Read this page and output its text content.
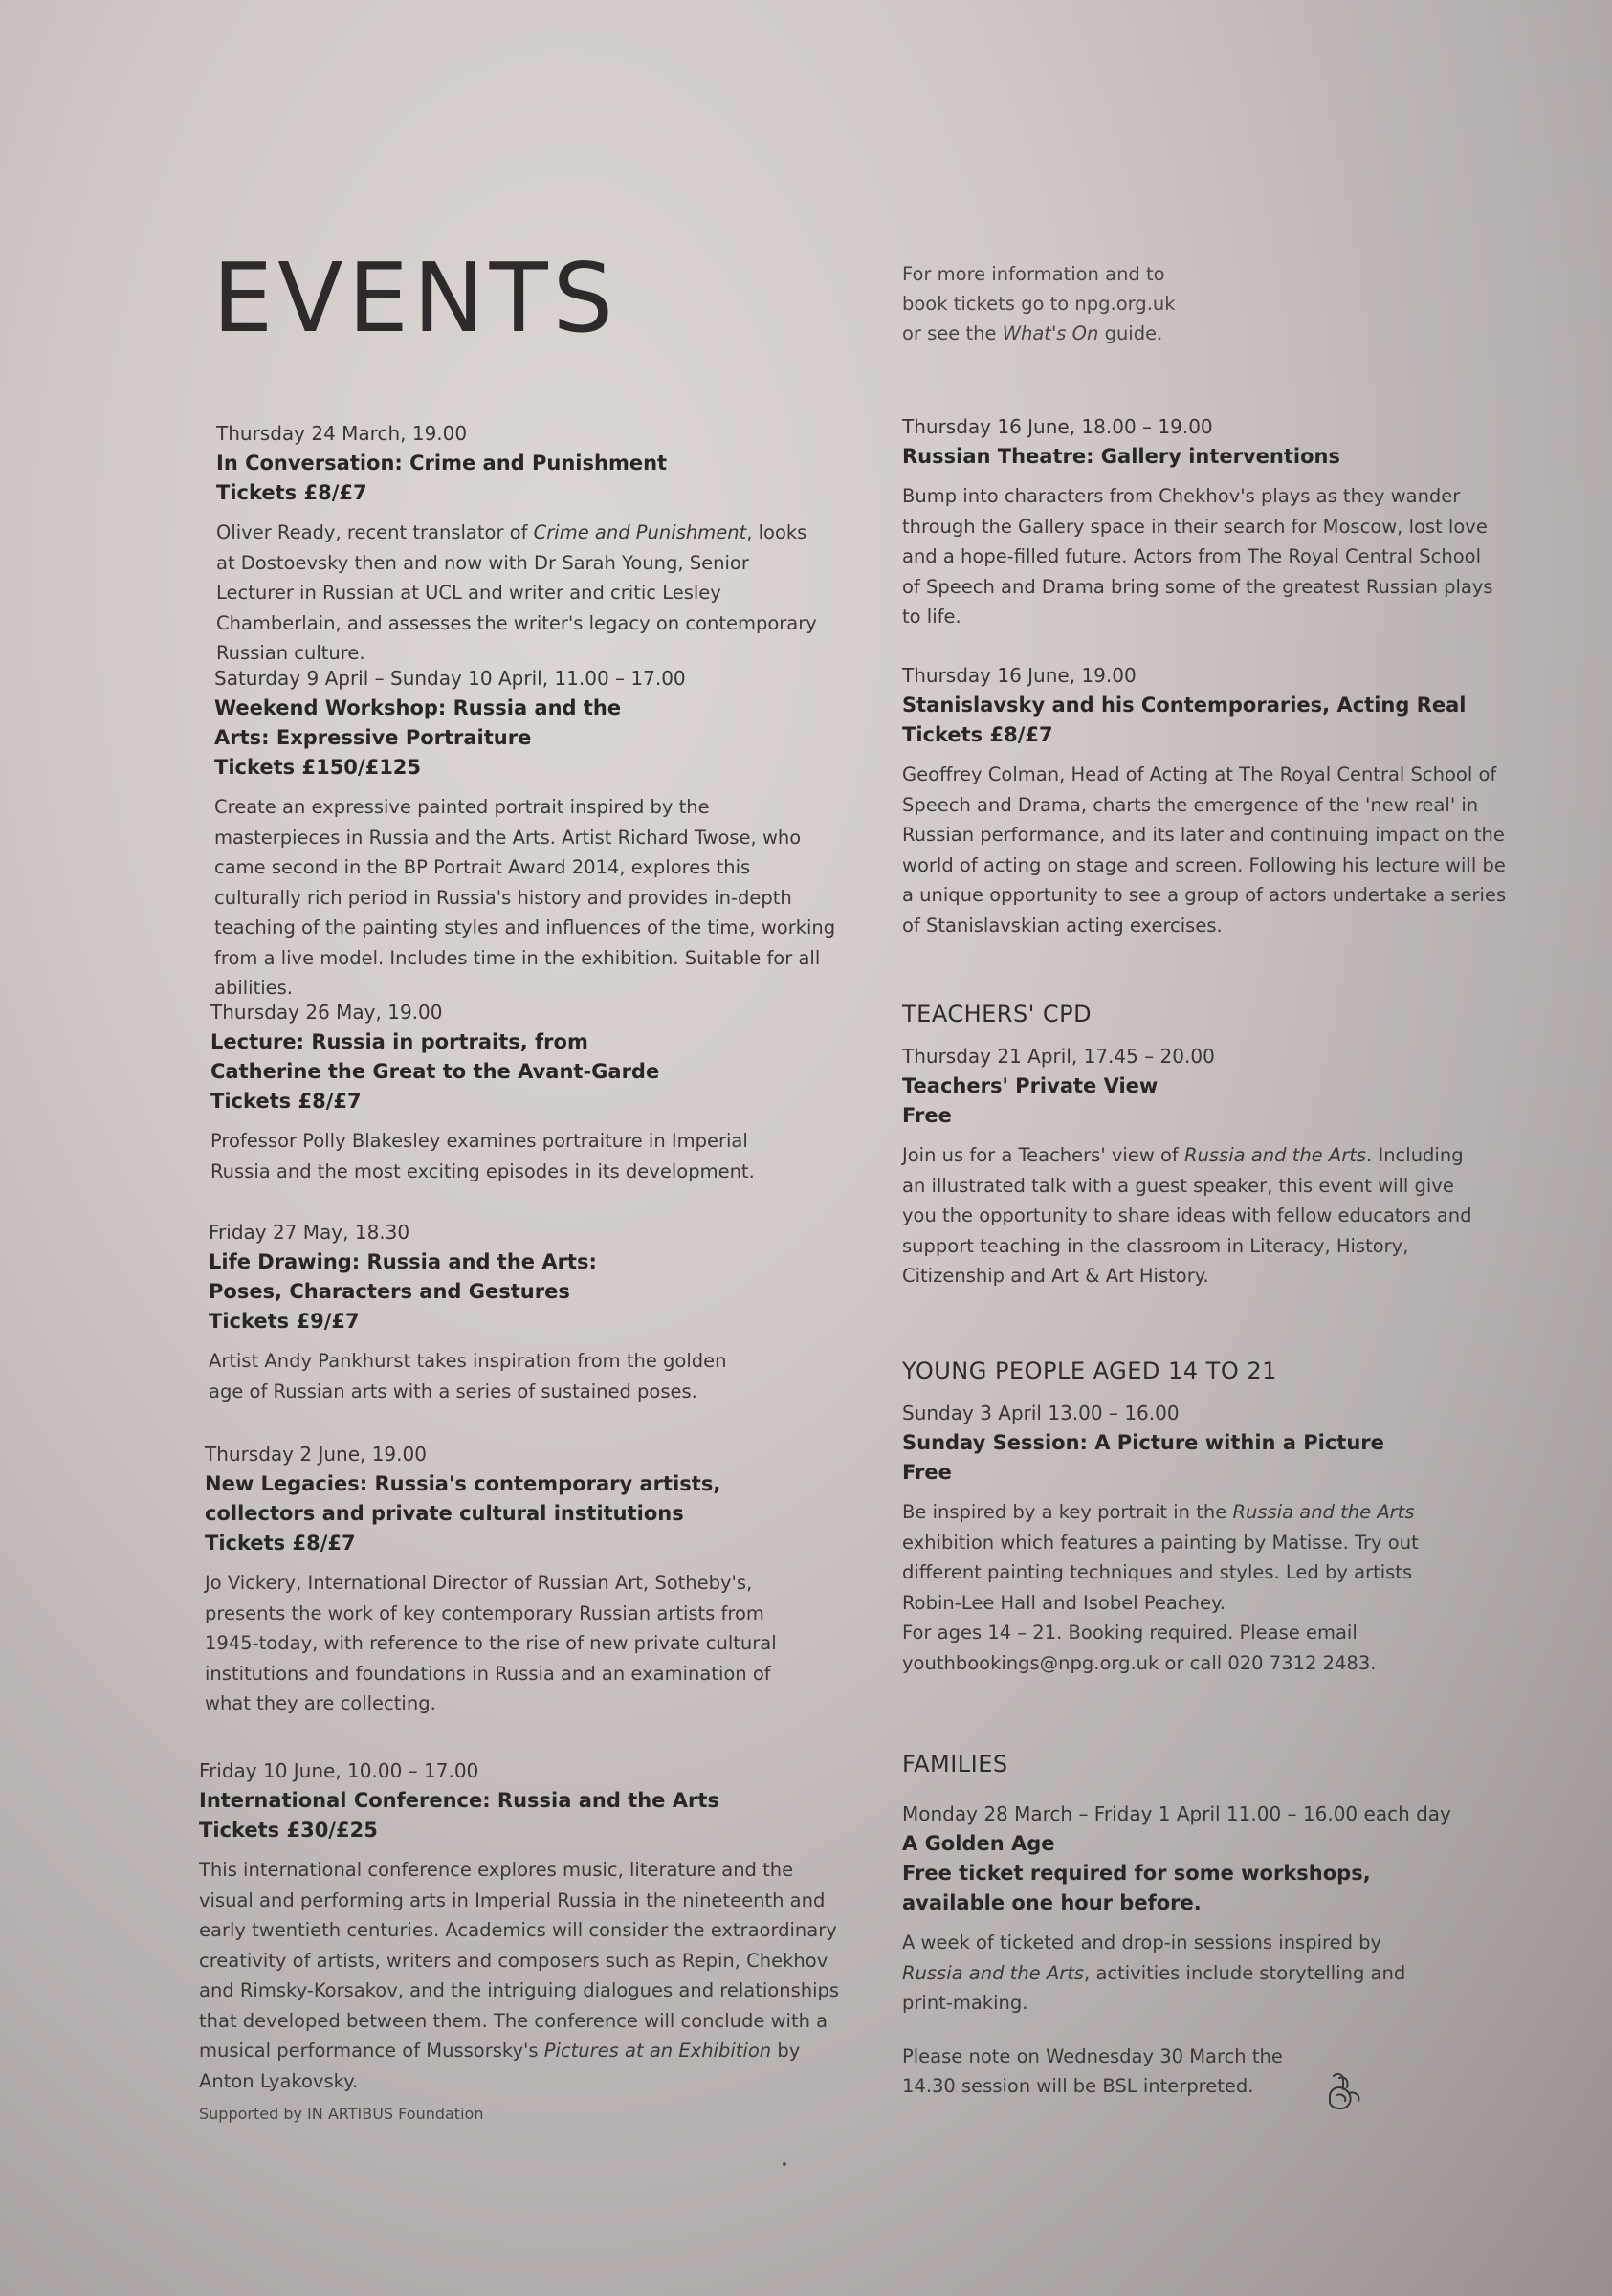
EVENTS	For more information and to
book tickets go to npg.org.uk
or see the What's On guide.

Thursday 24 March, 19.00

In Conversation: Crime and Punishment

Tickets £8/£7

Oliver Ready, recent translator of Crime and Punishment, looks at Dostoevsky then and now with Dr Sarah Young, Senior Lecturer in Russian at UCL and writer and critic Lesley Chamberlain, and assesses the writer's legacy on contemporary Russian culture.

Saturday 9 April – Sunday 10 April, 11.00 – 17.00

Weekend Workshop: Russia and the Arts: Expressive Portraiture

Tickets £150/£125

Create an expressive painted portrait inspired by the masterpieces in Russia and the Arts. Artist Richard Twose, who came second in the BP Portrait Award 2014, explores this culturally rich period in Russia's history and provides in-depth teaching of the painting styles and influences of the time, working from a live model. Includes time in the exhibition. Suitable for all abilities.

Thursday 26 May, 19.00

Lecture: Russia in portraits, from Catherine the Great to the Avant-Garde

Tickets £8/£7

Professor Polly Blakesley examines portraiture in Imperial Russia and the most exciting episodes in its development.

Friday 27 May, 18.30

Life Drawing: Russia and the Arts: Poses, Characters and Gestures

Tickets £9/£7

Artist Andy Pankhurst takes inspiration from the golden age of Russian arts with a series of sustained poses.

Thursday 2 June, 19.00

New Legacies: Russia's contemporary artists, collectors and private cultural institutions

Tickets £8/£7

Jo Vickery, International Director of Russian Art, Sotheby's, presents the work of key contemporary Russian artists from 1945-today, with reference to the rise of new private cultural institutions and foundations in Russia and an examination of what they are collecting.

Friday 10 June, 10.00 – 17.00

International Conference: Russia and the Arts

Tickets £30/£25

This international conference explores music, literature and the visual and performing arts in Imperial Russia in the nineteenth and early twentieth centuries. Academics will consider the extraordinary creativity of artists, writers and composers such as Repin, Chekhov and Rimsky-Korsakov, and the intriguing dialogues and relationships that developed between them. The conference will conclude with a musical performance of Mussorsky's Pictures at an Exhibition by Anton Lyakovsky.

Supported by IN ARTIBUS Foundation

Thursday 16 June, 18.00 – 19.00

Russian Theatre: Gallery interventions

Bump into characters from Chekhov's plays as they wander through the Gallery space in their search for Moscow, lost love and a hope-filled future. Actors from The Royal Central School of Speech and Drama bring some of the greatest Russian plays to life.

Thursday 16 June, 19.00

Stanislavsky and his Contemporaries, Acting Real

Tickets £8/£7

Geoffrey Colman, Head of Acting at The Royal Central School of Speech and Drama, charts the emergence of the 'new real' in Russian performance, and its later and continuing impact on the world of acting on stage and screen. Following his lecture will be a unique opportunity to see a group of actors undertake a series of Stanislavskian acting exercises.

TEACHERS' CPD

Thursday 21 April, 17.45 – 20.00

Teachers' Private View

Free

Join us for a Teachers' view of Russia and the Arts. Including an illustrated talk with a guest speaker, this event will give you the opportunity to share ideas with fellow educators and support teaching in the classroom in Literacy, History, Citizenship and Art & Art History.

YOUNG PEOPLE AGED 14 TO 21

Sunday 3 April 13.00 – 16.00

Sunday Session: A Picture within a Picture

Free

Be inspired by a key portrait in the Russia and the Arts exhibition which features a painting by Matisse. Try out different painting techniques and styles. Led by artists Robin-Lee Hall and Isobel Peachey.
For ages 14 – 21. Booking required. Please email youthbookings@npg.org.uk or call 020 7312 2483.

FAMILIES

Monday 28 March – Friday 1 April 11.00 – 16.00 each day

A Golden Age

Free ticket required for some workshops, available one hour before.

A week of ticketed and drop-in sessions inspired by Russia and the Arts, activities include storytelling and print-making.

Please note on Wednesday 30 March the 14.30 session will be BSL interpreted.
